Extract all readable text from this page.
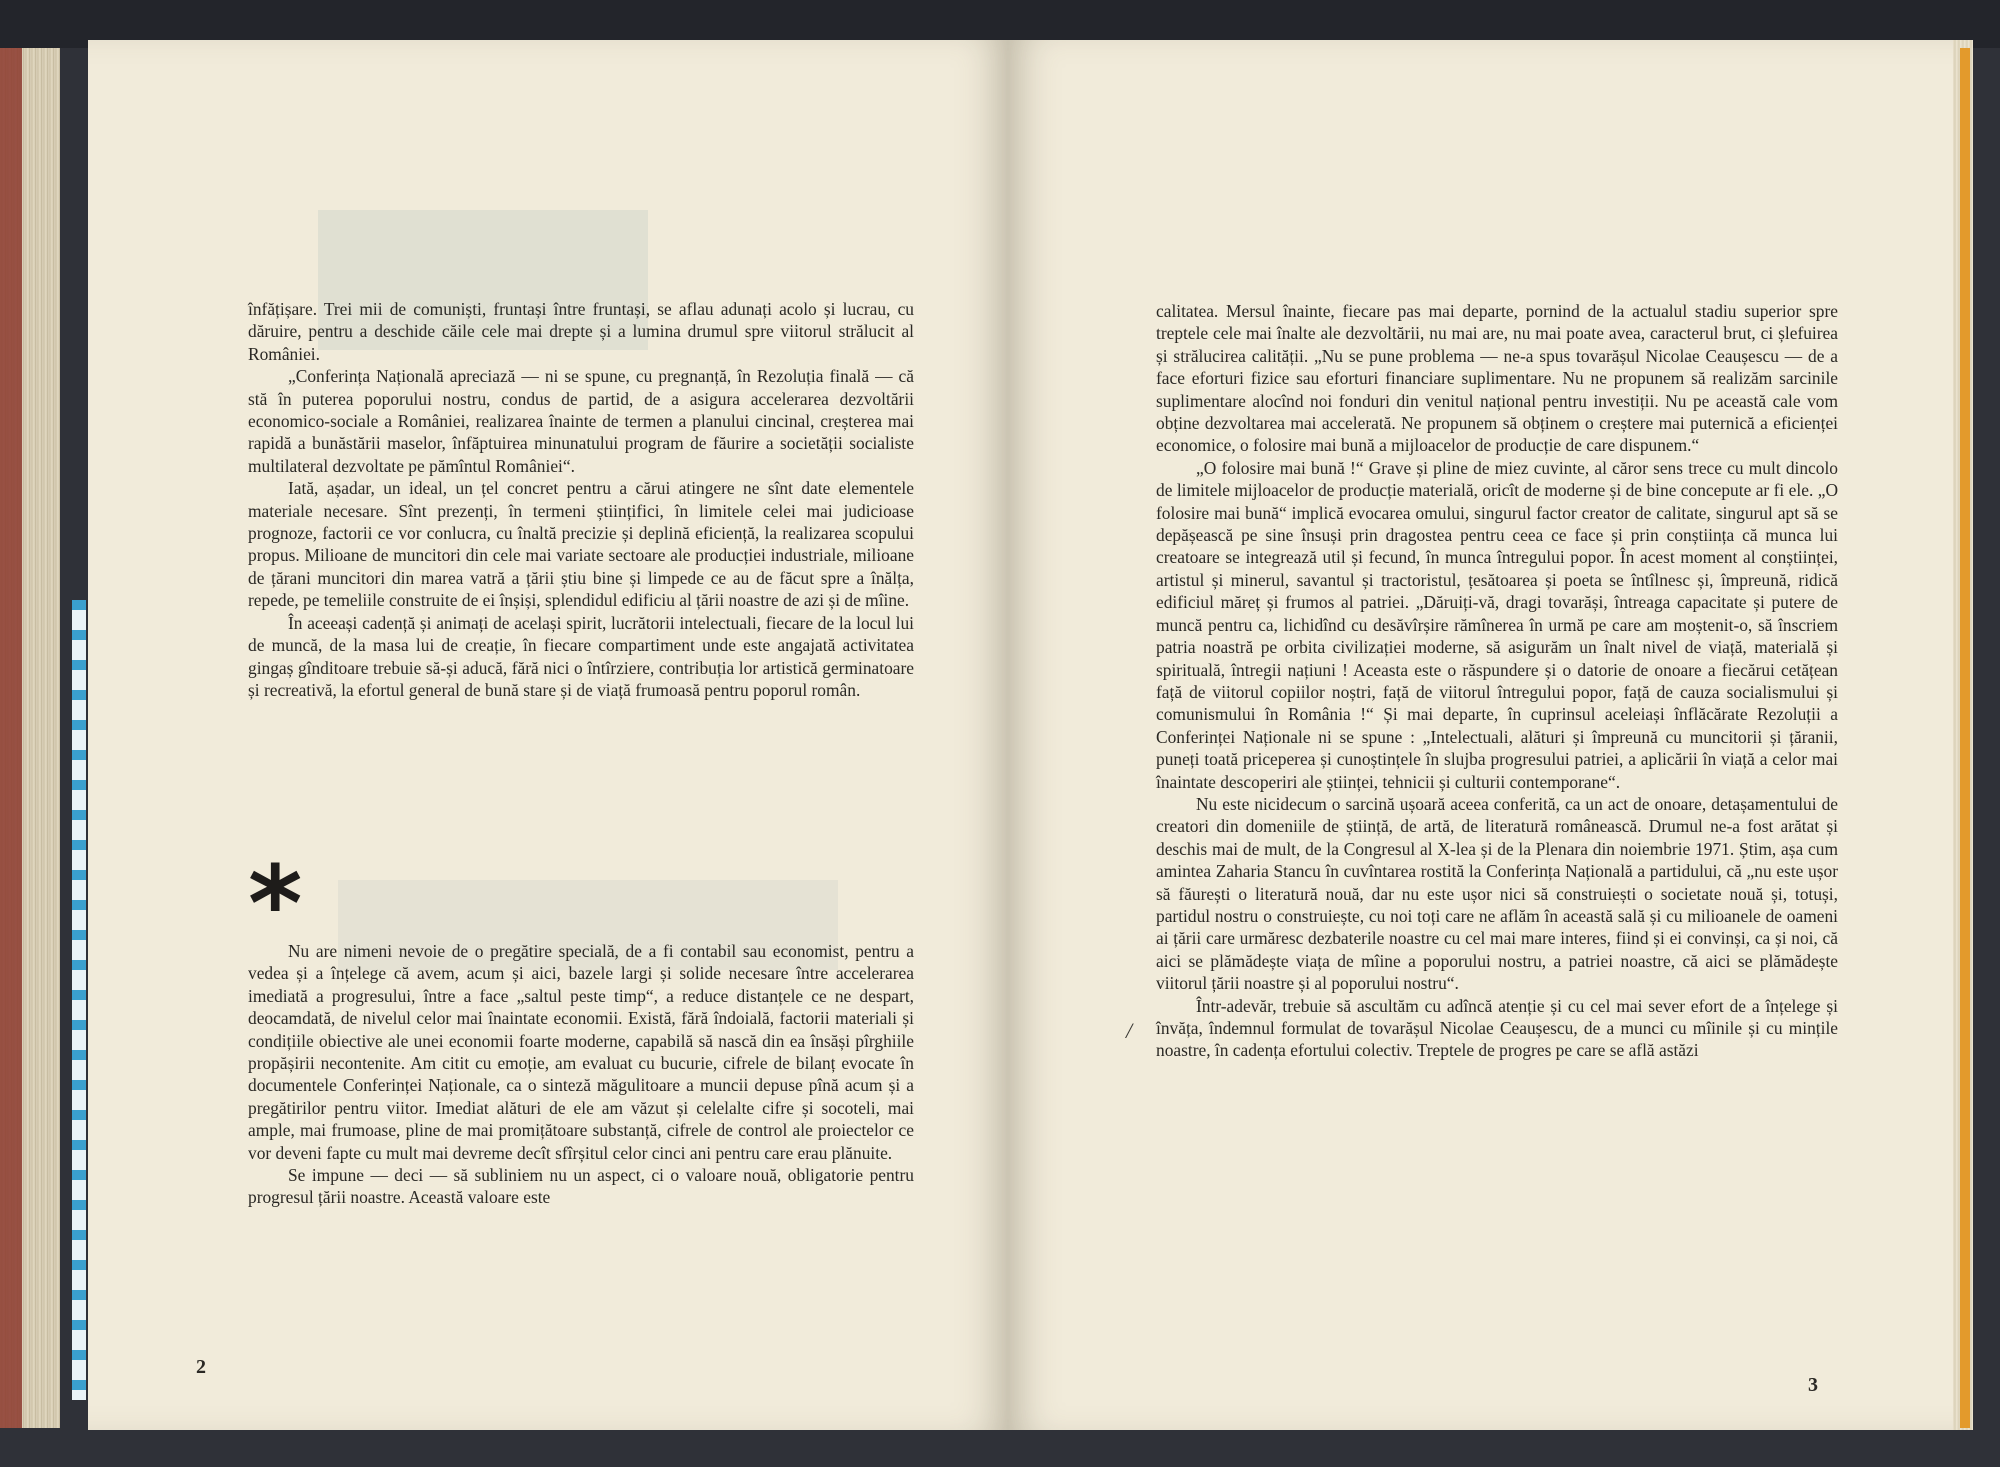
înfățișare. Trei mii de comuniști, fruntași între fruntași, se aflau adunați acolo și lucrau, cu dăruire, pentru a deschide căile cele mai drepte și a lumina drumul spre viitorul strălucit al României.

„Conferința Națională apreciază — ni se spune, cu pregnanță, în Rezoluția finală — că stă în puterea poporului nostru, condus de partid, de a asigura accelerarea dezvoltării economico-sociale a României, realizarea înainte de termen a planului cincinal, creșterea mai rapidă a bunăstării maselor, înfăptuirea minunatului program de făurire a societății socialiste multilateral dezvoltate pe pămîntul României“.

Iată, așadar, un ideal, un țel concret pentru a cărui atingere ne sînt date elementele materiale necesare. Sînt prezenți, în termeni științifici, în limitele celei mai judicioase prognoze, factorii ce vor conlucra, cu înaltă precizie și deplină eficiență, la realizarea scopului propus. Milioane de muncitori din cele mai variate sectoare ale producției industriale, milioane de țărani muncitori din marea vatră a țării știu bine și limpede ce au de făcut spre a înălța, repede, pe temeliile construite de ei înșiși, splendidul edificiu al țării noastre de azi și de mîine.

În aceeași cadență și animați de același spirit, lucrătorii intelectuali, fiecare de la locul lui de muncă, de la masa lui de creație, în fiecare compartiment unde este angajată activitatea gingaș gînditoare trebuie să-și aducă, fără nici o întîrziere, contribuția lor artistică germinatoare și recreativă, la efortul general de bună stare și de viață frumoasă pentru poporul român.

*

Nu are nimeni nevoie de o pregătire specială, de a fi contabil sau economist, pentru a vedea și a înțelege că avem, acum și aici, bazele largi și solide necesare între accelerarea imediată a progresului, între a face „saltul peste timp“, a reduce distanțele ce ne despart, deocamdată, de nivelul celor mai înaintate economii. Există, fără îndoială, factorii materiali și condițiile obiective ale unei economii foarte moderne, capabilă să nască din ea însăși pîrghiile propășirii necontenite. Am citit cu emoție, am evaluat cu bucurie, cifrele de bilanț evocate în documentele Conferinței Naționale, ca o sinteză măgulitoare a muncii depuse pînă acum și a pregătirilor pentru viitor. Imediat alături de ele am văzut și celelalte cifre și socoteli, mai ample, mai frumoase, pline de mai promițătoare substanță, cifrele de control ale proiectelor ce vor deveni fapte cu mult mai devreme decît sfîrșitul celor cinci ani pentru care erau plănuite.

Se impune — deci — să subliniem nu un aspect, ci o valoare nouă, obligatorie pentru progresul țării noastre. Această valoare este

2

calitatea. Mersul înainte, fiecare pas mai departe, pornind de la actualul stadiu superior spre treptele cele mai înalte ale dezvoltării, nu mai are, nu mai poate avea, caracterul brut, ci șlefuirea și strălucirea calității. „Nu se pune problema — ne-a spus tovarășul Nicolae Ceaușescu — de a face eforturi fizice sau eforturi financiare suplimentare. Nu ne propunem să realizăm sarcinile suplimentare alocînd noi fonduri din venitul național pentru investiții. Nu pe această cale vom obține dezvoltarea mai accelerată. Ne propunem să obținem o creștere mai puternică a eficienței economice, o folosire mai bună a mijloacelor de producție de care dispunem.“

„O folosire mai bună !“ Grave și pline de miez cuvinte, al căror sens trece cu mult dincolo de limitele mijloacelor de producție materială, oricît de moderne și de bine concepute ar fi ele. „O folosire mai bună“ implică evocarea omului, singurul factor creator de calitate, singurul apt să se depășească pe sine însuși prin dragostea pentru ceea ce face și prin conștiința că munca lui creatoare se integrează util și fecund, în munca întregului popor. În acest moment al conștiinței, artistul și minerul, savantul și tractoristul, țesătoarea și poeta se întîlnesc și, împreună, ridică edificiul măreț și frumos al patriei. „Dăruiți-vă, dragi tovarăși, întreaga capacitate și putere de muncă pentru ca, lichidînd cu desăvîrșire rămînerea în urmă pe care am moștenit-o, să înscriem patria noastră pe orbita civilizației moderne, să asigurăm un înalt nivel de viață, materială și spirituală, întregii națiuni ! Aceasta este o răspundere și o datorie de onoare a fiecărui cetățean față de viitorul copiilor noștri, față de viitorul întregului popor, față de cauza socialismului și comunismului în România !“ Și mai departe, în cuprinsul aceleiași înflăcărate Rezoluții a Conferinței Naționale ni se spune : „Intelectuali, alături și împreună cu muncitorii și țăranii, puneți toată priceperea și cunoștințele în slujba progresului patriei, a aplicării în viață a celor mai înaintate descoperiri ale științei, tehnicii și culturii contemporane“.

Nu este nicidecum o sarcină ușoară aceea conferită, ca un act de onoare, detașamentului de creatori din domeniile de știință, de artă, de literatură românească. Drumul ne-a fost arătat și deschis mai de mult, de la Congresul al X-lea și de la Plenara din noiembrie 1971. Știm, așa cum amintea Zaharia Stancu în cuvîntarea rostită la Conferința Națională a partidului, că „nu este ușor să făurești o literatură nouă, dar nu este ușor nici să construiești o societate nouă și, totuși, partidul nostru o construiește, cu noi toți care ne aflăm în această sală și cu milioanele de oameni ai țării care urmăresc dezbaterile noastre cu cel mai mare interes, fiind și ei convinși, ca și noi, că aici se plămădește viața de mîine a poporului nostru, a patriei noastre, că aici se plămădește viitorul țării noastre și al poporului nostru“.

Într-adevăr, trebuie să ascultăm cu adîncă atenție și cu cel mai sever efort de a înțelege și învăța, îndemnul formulat de tovarășul Nicolae Ceaușescu, de a munci cu mîinile și cu mințile noastre, în cadența efortului colectiv. Treptele de progres pe care se află astăzi

/
3
